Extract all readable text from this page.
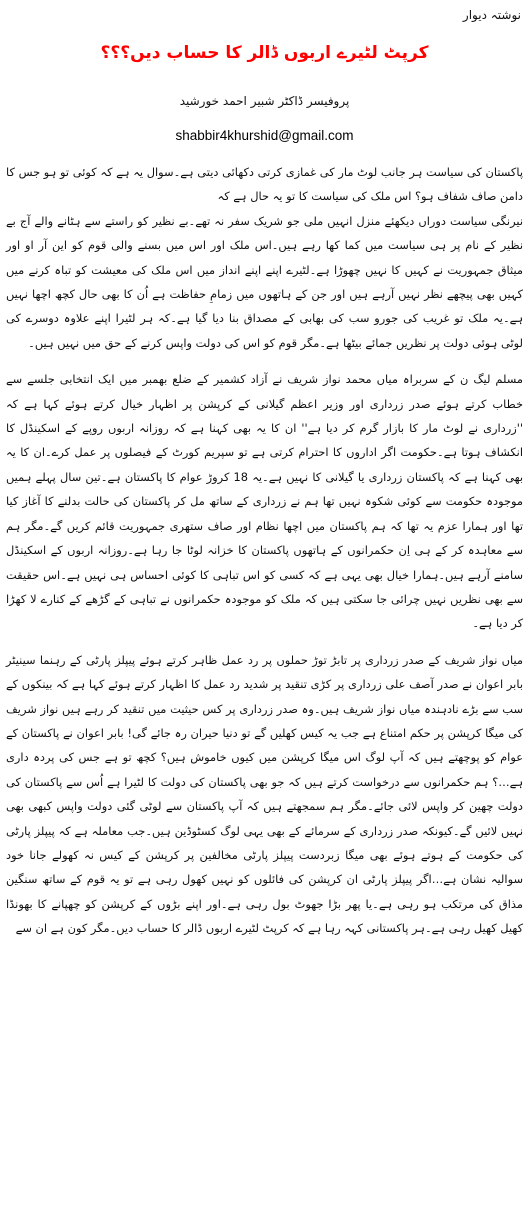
نوشتہ دیوار
کرپٹ لٹیرے اربوں ڈالر کا حساب دیں؟؟؟
پروفیسر ڈاکٹر شبیر احمد خورشید
shabbir4khurshid@gmail.com

پاکستان کی سیاست ہر جانب لوٹ مار کی غمازی کرتی دکھائی دیتی ہے۔سوال یہ ہے کہ کوئی تو ہو جس کا دامن صاف شفاف ہو؟ اس ملک کی سیاست کا تو یہ حال ہے کہ

نیرنگی سیاست دوراں دیکھئے منزل انہیں ملی جو شریک سفر نہ تھے۔بے نظیر کو راستے سے ہٹانے والے آج بے نظیر کے نام پر ہی سیاست میں کما کھا رہے ہیں۔اس ملک اور اس میں بسنے والی قوم کو این آر او اور میثاق جمہوریت نے کہیں کا نہیں چھوڑا ہے۔لٹیرے اپنے اپنے انداز میں اس ملک کی معیشت کو تباہ کرنے میں کہیں بھی پیچھے نظر نہیں آرہے ہیں اور جن کے ہاتھوں میں زمامِ حفاظت ہے اُن کا بھی حال کچھ اچھا نہیں ہے۔یہ ملک تو غریب کی جورو سب کی بھابی کے مصداق بنا دیا گیا ہے۔کہ ہر لٹیرا اپنے علاوہ دوسرے کی لوٹی ہوئی دولت پر نظریں جمائے بیٹھا ہے۔مگر قوم کو اس کی دولت واپس کرنے کے حق میں نہیں ہیں۔

مسلم لیگ ن کے سربراہ میاں محمد نواز شریف نے آزاد کشمیر کے ضلع بھمبر میں ایک انتخابی جلسے سے خطاب کرتے ہوئے صدر زرداری اور وزیر اعظم گیلانی کے کرپشن پر اظہار خیال کرتے ہوئے کہا ہے کہ ''زرداری نے لوٹ مار کا بازار گرم کر دیا ہے'' ان کا یہ بھی کہنا ہے کہ روزانہ اربوں روپے کے اسکینڈل کا انکشاف ہوتا ہے۔حکومت اگر اداروں کا احترام کرتی ہے تو سپریم کورٹ کے فیصلوں پر عمل کرے۔ان کا یہ بھی کہنا ہے کہ پاکستان زرداری یا گیلانی کا نہیں ہے۔یہ 18 کروڑ عوام کا پاکستان ہے۔تین سال پہلے ہمیں موجودہ حکومت سے کوئی شکوہ نہیں تھا ہم نے زرداری کے ساتھ مل کر پاکستان کی حالت بدلنے کا آغاز کیا تھا اور ہمارا عزم یہ تھا کہ ہم پاکستان میں اچھا نظام اور صاف ستھری جمہوریت قائم کریں گے۔مگر ہم سے معاہدہ کر کے ہی اِن حکمرانوں کے ہاتھوں پاکستان کا خزانہ لوٹا جا رہا ہے۔روزانہ اربوں کے اسکینڈل سامنے آرہے ہیں۔ہمارا خیال بھی یہی ہے کہ کسی کو اس تباہی کا کوئی احساس ہی نہیں ہے۔اس حقیقت سے بھی نظریں نہیں چرائی جا سکتی ہیں کہ ملک کو موجودہ حکمرانوں نے تباہی کے گڑھے کے کنارے لا کھڑا کر دیا ہے۔

میاں نواز شریف کے صدر زرداری پر تابڑ توڑ حملوں پر رد عمل ظاہر کرتے ہوئے پیپلز پارٹی کے رہنما سینیٹر بابر اعوان نے صدر آصف علی زرداری پر کڑی تنقید پر شدید رد عمل کا اظہار کرتے ہوئے کہا ہے کہ بینکوں کے سب سے بڑے نادہندہ میاں نواز شریف ہیں۔وہ صدر زرداری پر کس حیثیت میں تنقید کر رہے ہیں نواز شریف کی میگا کرپشن پر حکم امتناع ہے جب یہ کیس کھلیں گے تو دنیا حیران رہ جائے گی! بابر اعوان نے پاکستان کے عوام کو پوچھتے ہیں کہ آپ لوگ اس میگا کرپشن میں کیوں خاموش ہیں؟ کچھ تو ہے جس کی پردہ داری ہے…؟ ہم حکمرانوں سے درخواست کرتے ہیں کہ جو بھی پاکستان کی دولت کا لٹیرا ہے اُس سے پاکستان کی دولت چھین کر واپس لائی جائے۔مگر ہم سمجھتے ہیں کہ آپ پاکستان سے لوٹی گئی دولت واپس کبھی بھی نہیں لائیں گے۔کیونکہ صدر زرداری کے سرمائے کے بھی یہی لوگ کسٹوڈین ہیں۔جب معاملہ ہے کہ پیپلز پارٹی کی حکومت کے ہوتے ہوئے بھی میگا زبردست پیپلز پارٹی مخالفین پر کرپشن کے کیس نہ کھولے جانا خود سوالیہ نشان ہے…اگر پیپلز پارٹی ان کرپشن کی فائلوں کو نہیں کھول رہی ہے تو یہ قوم کے ساتھ سنگین مذاق کی مرتکب ہو رہی ہے۔یا پھر بڑا جھوٹ بول رہی ہے۔اور اپنے بڑوں کے کرپشن کو چھپانے کا بھونڈا کھیل کھیل رہی ہے۔ہر پاکستانی کہہ رہا ہے کہ کرپٹ لٹیرے اربوں ڈالر کا حساب دیں۔مگر کون ہے ان سے
